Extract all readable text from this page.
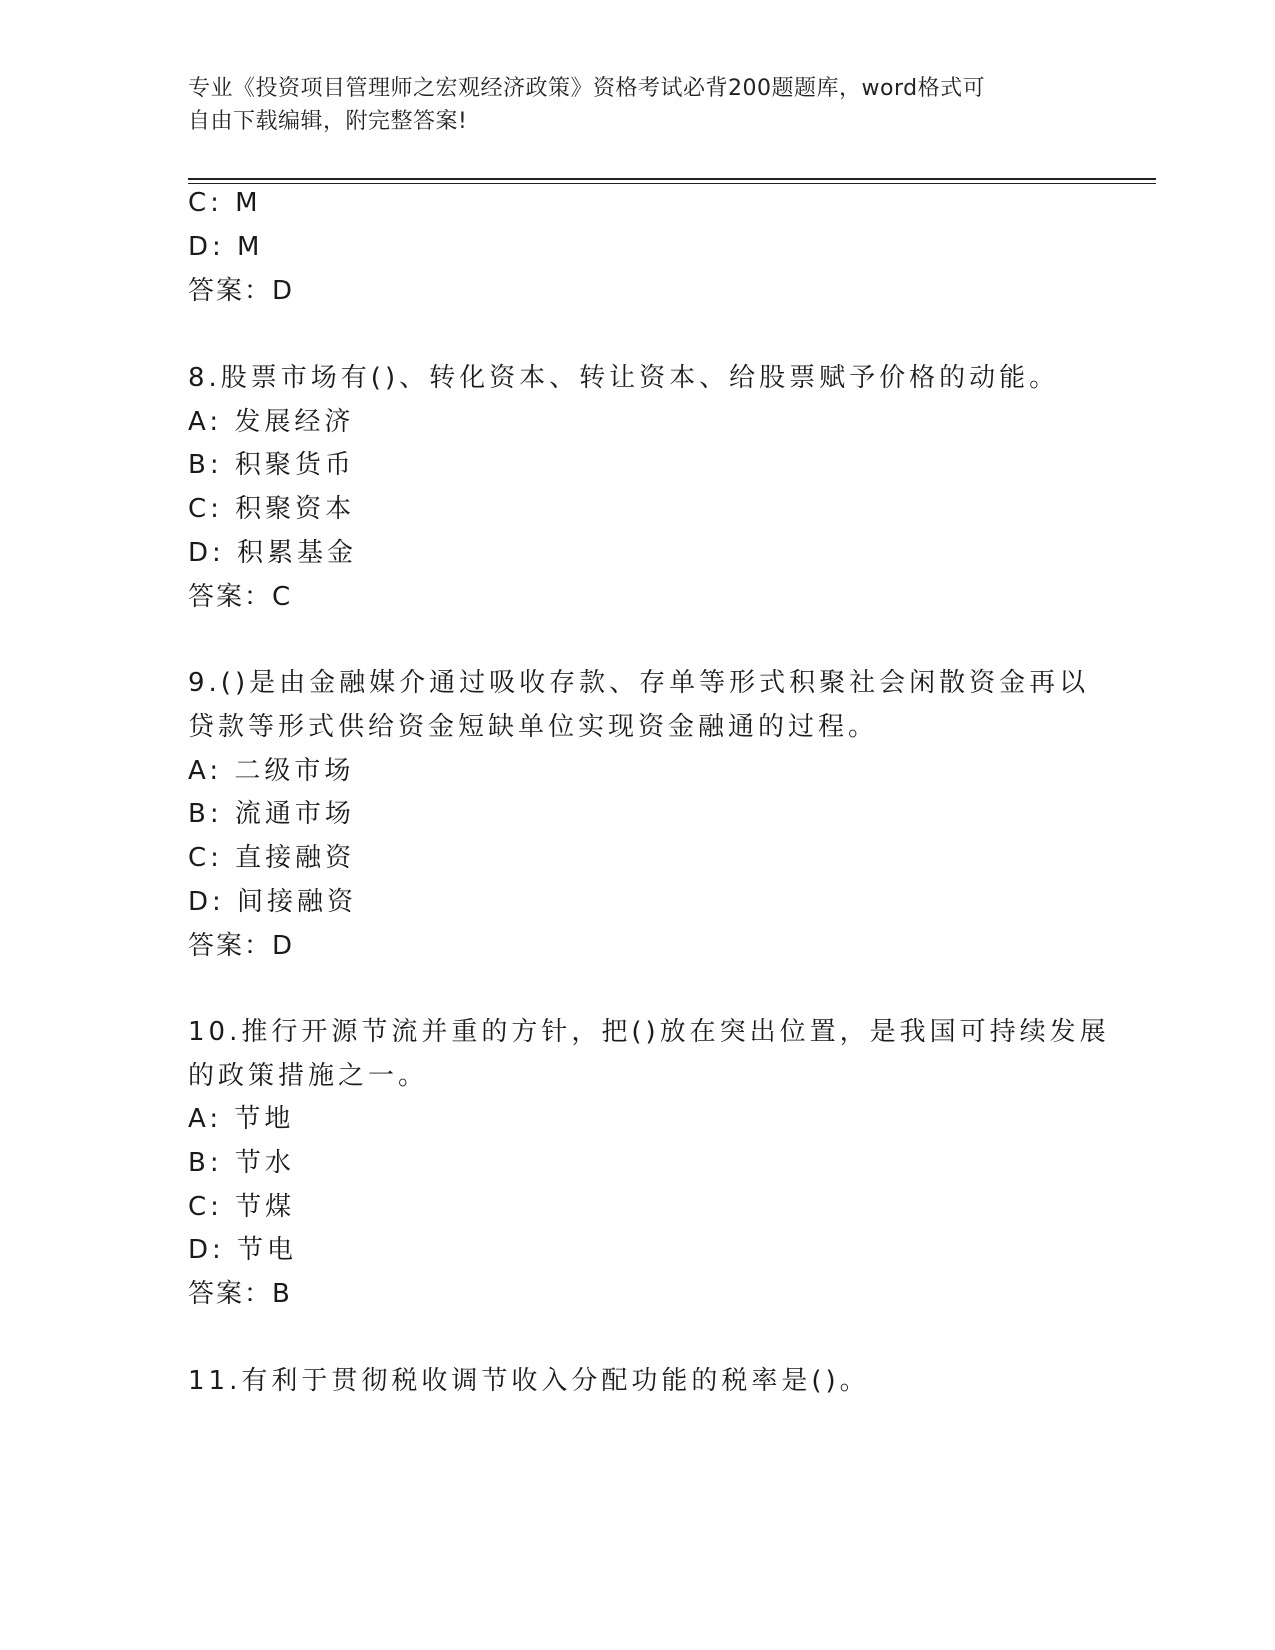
专业《投资项目管理师之宏观经济政策》资格考试必背200题题库，word格式可
自由下载编辑，附完整答案!
C: M
D: M
答案：D
8.股票市场有()、转化资本、转让资本、给股票赋予价格的动能。
A: 发展经济
B: 积聚货币
C: 积聚资本
D: 积累基金
答案：C
9.()是由金融媒介通过吸收存款、存单等形式积聚社会闲散资金再以
贷款等形式供给资金短缺单位实现资金融通的过程。
A: 二级市场
B: 流通市场
C: 直接融资
D: 间接融资
答案：D
10.推行开源节流并重的方针，把()放在突出位置，是我国可持续发展
的政策措施之一。
A: 节地
B: 节水
C: 节煤
D: 节电
答案：B
11.有利于贯彻税收调节收入分配功能的税率是()。
